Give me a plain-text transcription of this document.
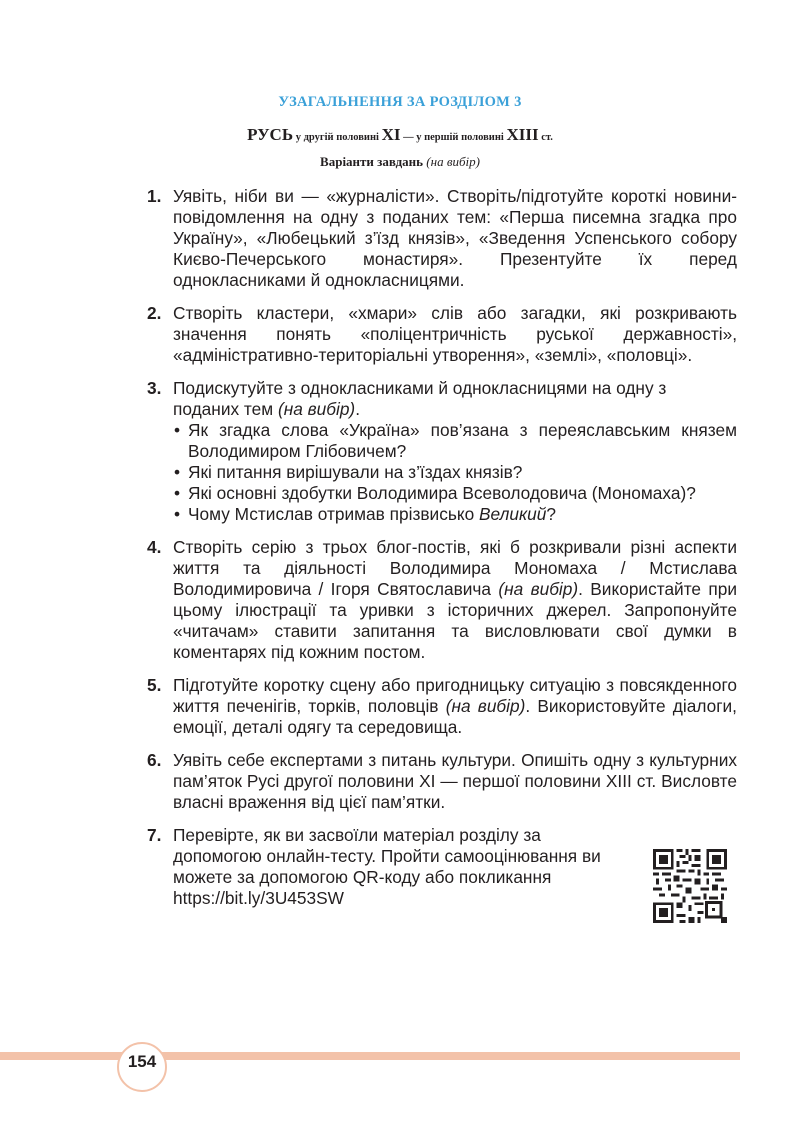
УЗАГАЛЬНЕННЯ ЗА РОЗДІЛОМ 3
РУСЬ у другій половині XI — у першій половині XIII ст.
Варіанти завдань (на вибір)
1. Уявіть, ніби ви — «журналісти». Створіть/підготуйте короткі новини-повідомлення на одну з поданих тем: «Перша писемна згадка про Україну», «Любецький з’їзд князів», «Зведення Успенського собору Києво-Печерського монастиря». Презентуйте їх перед однокласниками й однокласницями.
2. Створіть кластери, «хмари» слів або загадки, які розкривають значення понять «поліцентричність руської державності», «адміністративно-територіальні утворення», «землі», «половці».
3. Подискутуйте з однокласниками й однокласницями на одну з поданих тем (на вибір).
• Як згадка слова «Україна» пов’язана з переяславським князем Володимиром Глібовичем?
• Які питання вирішували на з’їздах князів?
• Які основні здобутки Володимира Всеволодовича (Мономаха)?
• Чому Мстислав отримав прізвисько Великий?
4. Створіть серію з трьох блог-постів, які б розкривали різні аспекти життя та діяльності Володимира Мономаха / Мстислава Володимировича / Ігоря Святославича (на вибір). Використайте при цьому ілюстрації та уривки з історичних джерел. Запропонуйте «читачам» ставити запитання та висловлювати свої думки в коментарях під кожним постом.
5. Підготуйте коротку сцену або пригодницьку ситуацію з повсякденного життя печенігів, торків, половців (на вибір). Використовуйте діалоги, емоції, деталі одягу та середовища.
6. Уявіть себе експертами з питань культури. Опишіть одну з культурних пам’яток Русі другої половини XI — першої половини XIII ст. Висловте власні враження від цієї пам’ятки.
7. Перевірте, як ви засвоїли матеріал розділу за допомогою онлайн-тесту. Пройти самооцінювання ви можете за допомогою QR-коду або покликання https://bit.ly/3U453SW
154
